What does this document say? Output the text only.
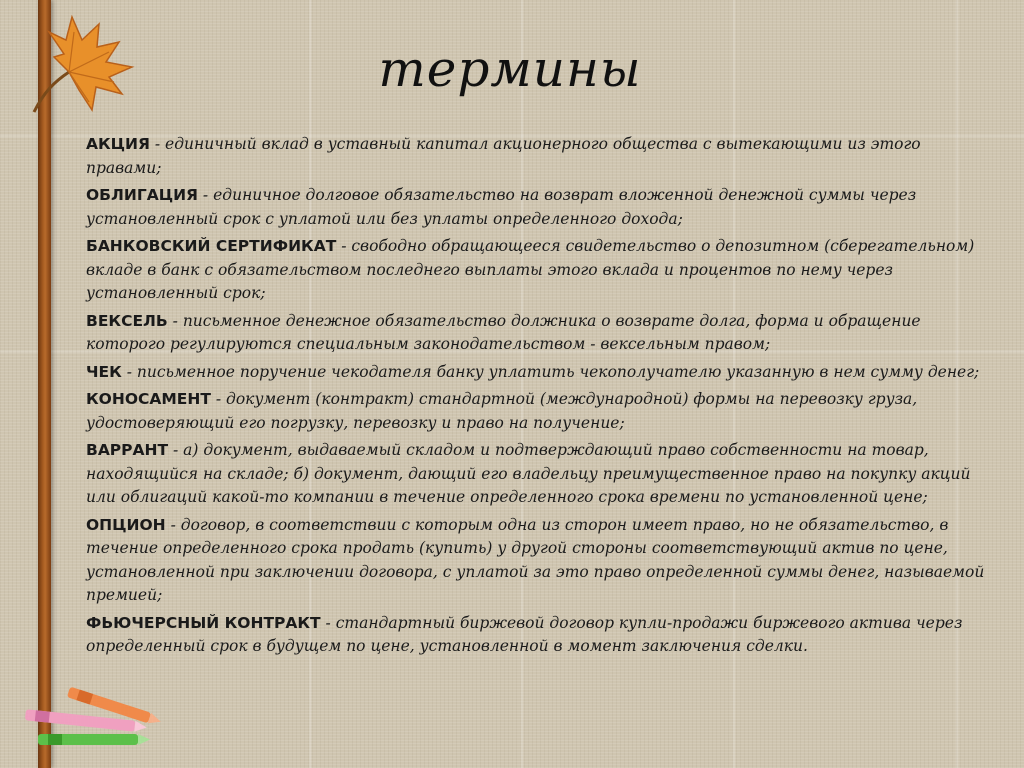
термины
АКЦИЯ - единичный вклад в уставный капитал акционерного общества с вытекающими из этого правами;
ОБЛИГАЦИЯ - единичное долговое обязательство на возврат вложенной денежной суммы через установленный срок с уплатой или без уплаты определенного дохода;
БАНКОВСКИЙ СЕРТИФИКАТ - свободно обращающееся свидетельство о депозитном (сберегательном) вкладе в банк с обязательством последнего выплаты этого вклада и процентов по нему через установленный срок;
ВЕКСЕЛЬ - письменное денежное обязательство должника о возврате долга, форма и обращение которого регулируются специальным законодательством - вексельным правом;
ЧЕК - письменное поручение чекодателя банку уплатить чекополучателю указанную в нем сумму денег;
КОНОСАМЕНТ - документ (контракт) стандартной (международной) формы на перевозку груза, удостоверяющий его погрузку, перевозку и право на получение;
ВАРРАНТ - а) документ, выдаваемый складом и подтверждающий право собственности на товар, находящийся на складе; б) документ, дающий его владельцу преимущественное право на покупку акций или облигаций какой-то компании в течение определенного срока времени по установленной цене;
ОПЦИОН - договор, в соответствии с которым одна из сторон имеет право, но не обязательство, в течение определенного срока продать (купить) у другой стороны соответствующий актив по цене, установленной при заключении договора, с уплатой за это право определенной суммы денег, называемой премией;
ФЬЮЧЕРСНЫЙ КОНТРАКТ - стандартный биржевой договор купли-продажи биржевого актива через определенный срок в будущем по цене, установленной в момент заключения сделки.
